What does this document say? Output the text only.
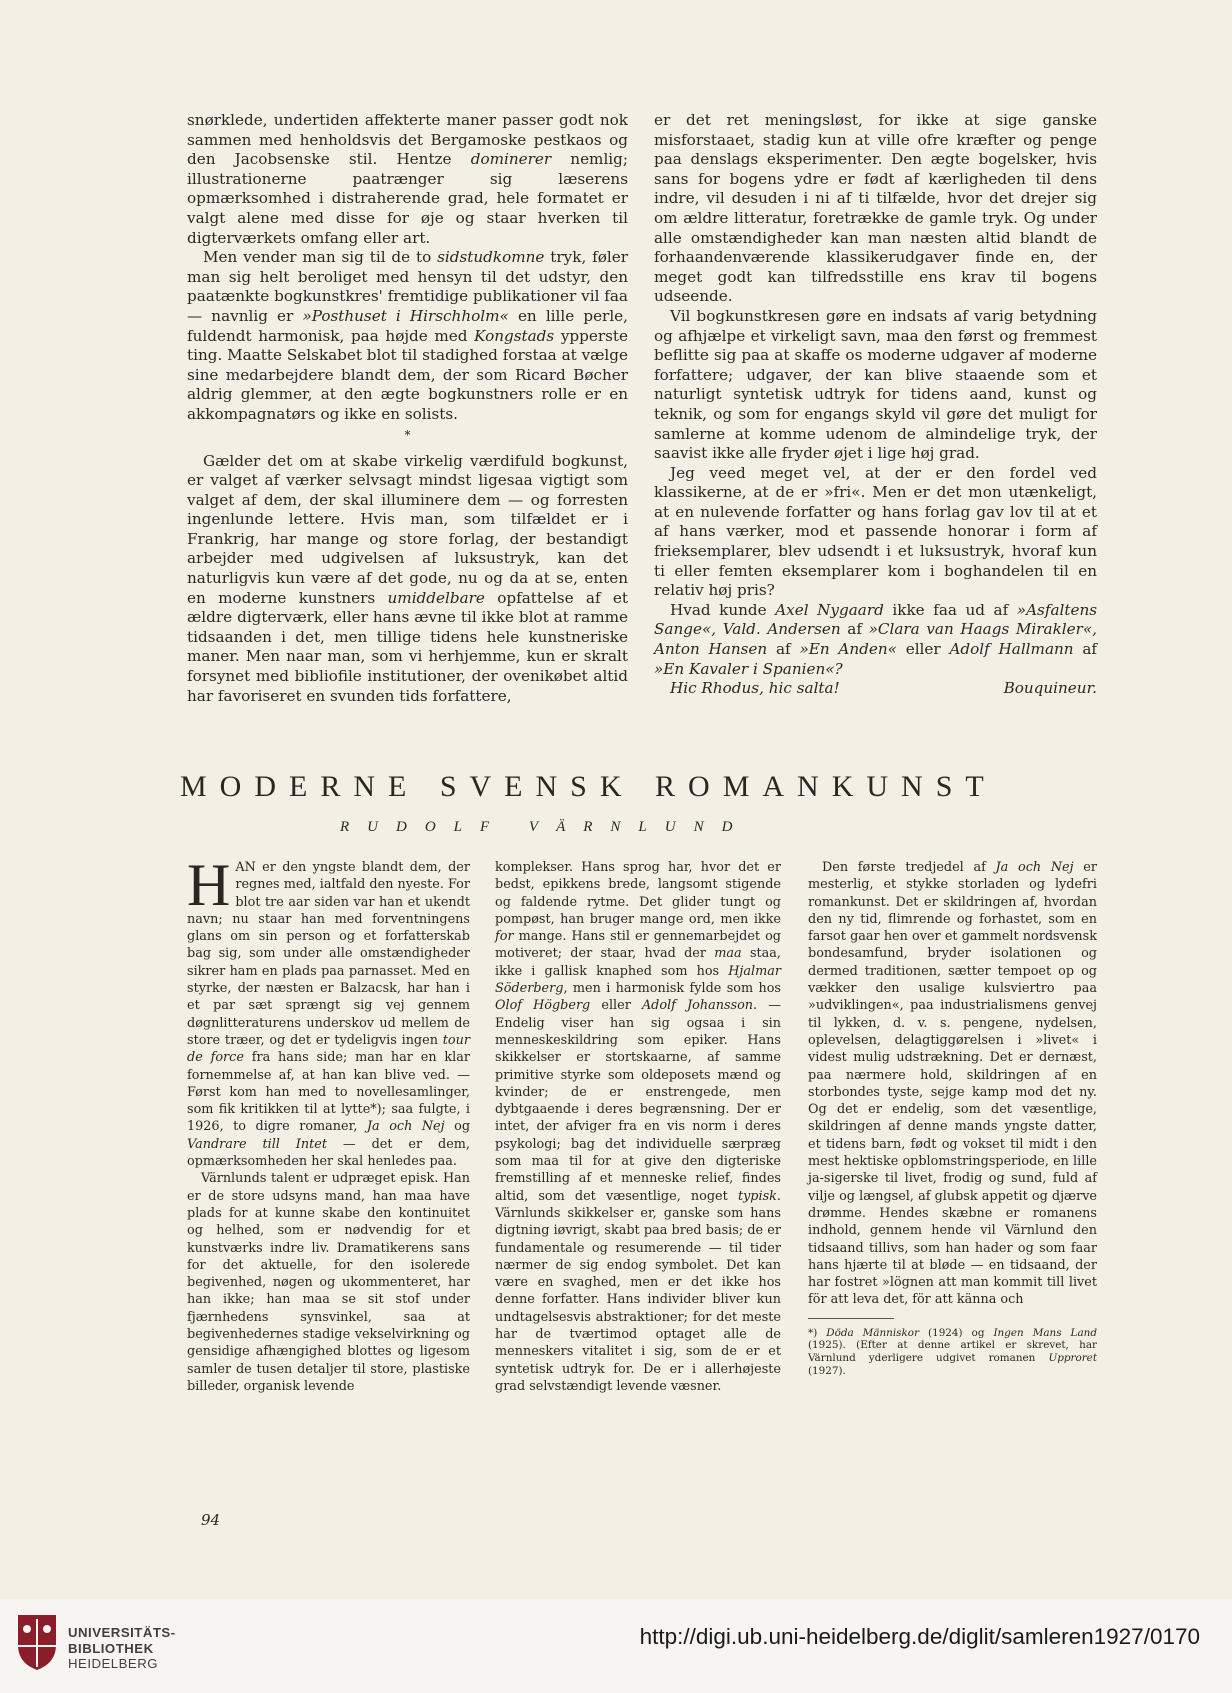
snørklede, undertiden affekterte maner passer godt nok sammen med henholdsvis det Bergamoske pestkaos og den Jacobsenske stil. Hentze dominerer nemlig; illustrationerne paatrænger sig læserens opmærksomhed i distraherende grad, hele formatet er valgt alene med disse for øje og staar hverken til digterværkets omfang eller art.

Men vender man sig til de to sidstudkomne tryk, føler man sig helt beroliget med hensyn til det udstyr, den paatænkte bogkunstkres' fremtidige publikationer vil faa — navnlig er »Posthuset i Hirschholm« en lille perle, fuldendt harmonisk, paa højde med Kongstads ypperste ting. Maatte Selskabet blot til stadighed forstaa at vælge sine medarbejdere blandt dem, der som Ricard Bøcher aldrig glemmer, at den ægte bogkunstners rolle er en akkompagnatørs og ikke en solists.

*

Gælder det om at skabe virkelig værdifuld bogkunst, er valget af værker selvsagt mindst ligesaa vigtigt som valget af dem, der skal illuminere dem — og forresten ingenlunde lettere. Hvis man, som tilfældet er i Frankrig, har mange og store forlag, der bestandigt arbejder med udgivelsen af luksustryk, kan det naturligvis kun være af det gode, nu og da at se, enten en moderne kunstners umiddelbare opfattelse af et ældre digterværk, eller hans ævne til ikke blot at ramme tidsaanden i det, men tillige tidens hele kunstneriske maner. Men naar man, som vi herhjemme, kun er skralt forsynet med bibliofile institutioner, der ovenikøbet altid har favoriseret en svunden tids forfattere,

er det ret meningsløst, for ikke at sige ganske misforstaaet, stadig kun at ville ofre kræfter og penge paa denslags eksperimenter. Den ægte bogelsker, hvis sans for bogens ydre er født af kærligheden til dens indre, vil desuden i ni af ti tilfælde, hvor det drejer sig om ældre litteratur, foretrække de gamle tryk. Og under alle omstændigheder kan man næsten altid blandt de forhaandenværende klassikerudgaver finde en, der meget godt kan tilfredsstille ens krav til bogens udseende.

Vil bogkunstkresen gøre en indsats af varig betydning og afhjælpe et virkeligt savn, maa den først og fremmest beflitte sig paa at skaffe os moderne udgaver af moderne forfattere; udgaver, der kan blive staaende som et naturligt syntetisk udtryk for tidens aand, kunst og teknik, og som for engangs skyld vil gøre det muligt for samlerne at komme udenom de almindelige tryk, der saavist ikke alle fryder øjet i lige høj grad.

Jeg veed meget vel, at der er den fordel ved klassikerne, at de er »fri«. Men er det mon utænkeligt, at en nulevende forfatter og hans forlag gav lov til at et af hans værker, mod et passende honorar i form af frieksemplarer, blev udsendt i et luksustryk, hvoraf kun ti eller femten eksemplarer kom i boghandelen til en relativ høj pris?

Hvad kunde Axel Nygaard ikke faa ud af »Asfaltens Sange«, Vald. Andersen af »Clara van Haags Mirakler«, Anton Hansen af »En Anden« eller Adolf Hallmann af »En Kavaler i Spanien«?

Hic Rhodus, hic salta!	Bouquineur.
MODERNE SVENSK ROMANKUNST

RUDOLF VÄRNLUND

HAN er den yngste blandt dem, der regnes med, ialtfald den nyeste. For blot tre aar siden var han et ukendt navn; nu staar han med forventningens glans om sin person og et forfatterskab bag sig, som under alle omstændigheder sikrer ham en plads paa parnasset. Med en styrke, der næsten er Balzacsk, har han i et par sæt sprængt sig vej gennem døgnlitteraturens underskov ud mellem de store træer, og det er tydeligvis ingen tour de force fra hans side; man har en klar fornemmelse af, at han kan blive ved. — Først kom han med to novellesamlinger, som fik kritikken til at lytte*); saa fulgte, i 1926, to digre romaner, Ja och Nej og Vandrare till Intet — det er dem, opmærksomheden her skal henledes paa.

Värnlunds talent er udpræget episk. Han er de store udsyns mand, han maa have plads for at kunne skabe den kontinuitet og helhed, som er nødvendig for et kunstværks indre liv. Dramatikerens sans for det aktuelle, for den isolerede begivenhed, nøgen og ukommenteret, har han ikke; han maa se sit stof under fjærnhedens synsvinkel, saa at begivenhedernes stadige vekselvirkning og gensidige afhængighed blottes og ligesom samler de tusen detaljer til store, plastiske billeder, organisk levende

komplekser. Hans sprog har, hvor det er bedst, epikkens brede, langsomt stigende og faldende rytme. Det glider tungt og pompøst, han bruger mange ord, men ikke for mange. Hans stil er gennemarbejdet og motiveret; der staar, hvad der maa staa, ikke i gallisk knaphed som hos Hjalmar Söderberg, men i harmonisk fylde som hos Olof Högberg eller Adolf Johansson. — Endelig viser han sig ogsaa i sin menneskeskildring som epiker. Hans skikkelser er stortskaarne, af samme primitive styrke som oldeposets mænd og kvinder; de er enstrengede, men dybtgaaende i deres begrænsning. Der er intet, der afviger fra en vis norm i deres psykologi; bag det individuelle særpræg som maa til for at give den digteriske fremstilling af et menneske relief, findes altid, som det væsentlige, noget typisk. Värnlunds skikkelser er, ganske som hans digtning iøvrigt, skabt paa bred basis; de er fundamentale og resumerende — til tider nærmer de sig endog symbolet. Det kan være en svaghed, men er det ikke hos denne forfatter. Hans individer bliver kun undtagelsesvis abstraktioner; for det meste har de tværtimod optaget alle de menneskers vitalitet i sig, som de er et syntetisk udtryk for. De er i allerhøjeste grad selvstændigt levende væsner.

Den første tredjedel af Ja och Nej er mesterlig, et stykke storladen og lydefri romankunst. Det er skildringen af, hvordan den ny tid, flimrende og forhastet, som en farsot gaar hen over et gammelt nordsvensk bondesamfund, bryder isolationen og dermed traditionen, sætter tempoet op og vækker den usalige kulsviertro paa »udviklingen«, paa industrialismens genvej til lykken, d. v. s. pengene, nydelsen, oplevelsen, delagtiggørelsen i »livet« i videst mulig udstrækning. Det er dernæst, paa nærmere hold, skildringen af en storbondes tyste, sejge kamp mod det ny. Og det er endelig, som det væsentlige, skildringen af denne mands yngste datter, et tidens barn, født og vokset til midt i den mest hektiske opblomstringsperiode, en lille ja-sigerske til livet, frodig og sund, fuld af vilje og længsel, af glubsk appetit og djærve drømme. Hendes skæbne er romanens indhold, gennem hende vil Värnlund den tidsaand tillivs, som han hader og som faar hans hjærte til at bløde — en tidsaand, der har fostret »lögnen att man kommit till livet för att leva det, för att känna och

*) Döda Människor (1924) og Ingen Mans Land (1925). (Efter at denne artikel er skrevet, har Värnlund yderligere udgivet romanen Upproret (1927).

94

UNIVERSITÄTS-
BIBLIOTHEK
HEIDELBERG
http://digi.ub.uni-heidelberg.de/diglit/samleren1927/0170
